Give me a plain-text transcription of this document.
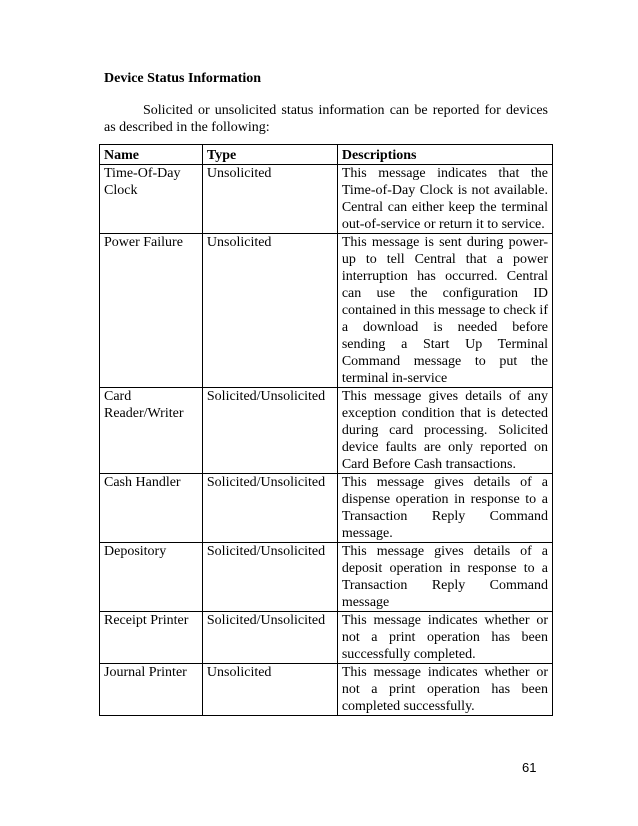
Device Status Information
Solicited or unsolicited status information can be reported for devices as described in the following:
Name	Type	Descriptions
Time-Of-Day Clock	Unsolicited	This message indicates that the Time-of-Day Clock is not available. Central can either keep the terminal out-of-service or return it to service.
Power Failure	Unsolicited	This message is sent during power-up to tell Central that a power interruption has occurred. Central can use the configuration ID contained in this message to check if a download is needed before sending a Start Up Terminal Command message to put the terminal in-service
Card Reader/Writer	Solicited/Unsolicited	This message gives details of any exception condition that is detected during card processing. Solicited device faults are only reported on Card Before Cash transactions.
Cash Handler	Solicited/Unsolicited	This message gives details of a dispense operation in response to a Transaction Reply Command message.
Depository	Solicited/Unsolicited	This message gives details of a deposit operation in response to a Transaction Reply Command message
Receipt Printer	Solicited/Unsolicited	This message indicates whether or not a print operation has been successfully completed.
Journal Printer	Unsolicited	This message indicates whether or not a print operation has been completed successfully.
61
